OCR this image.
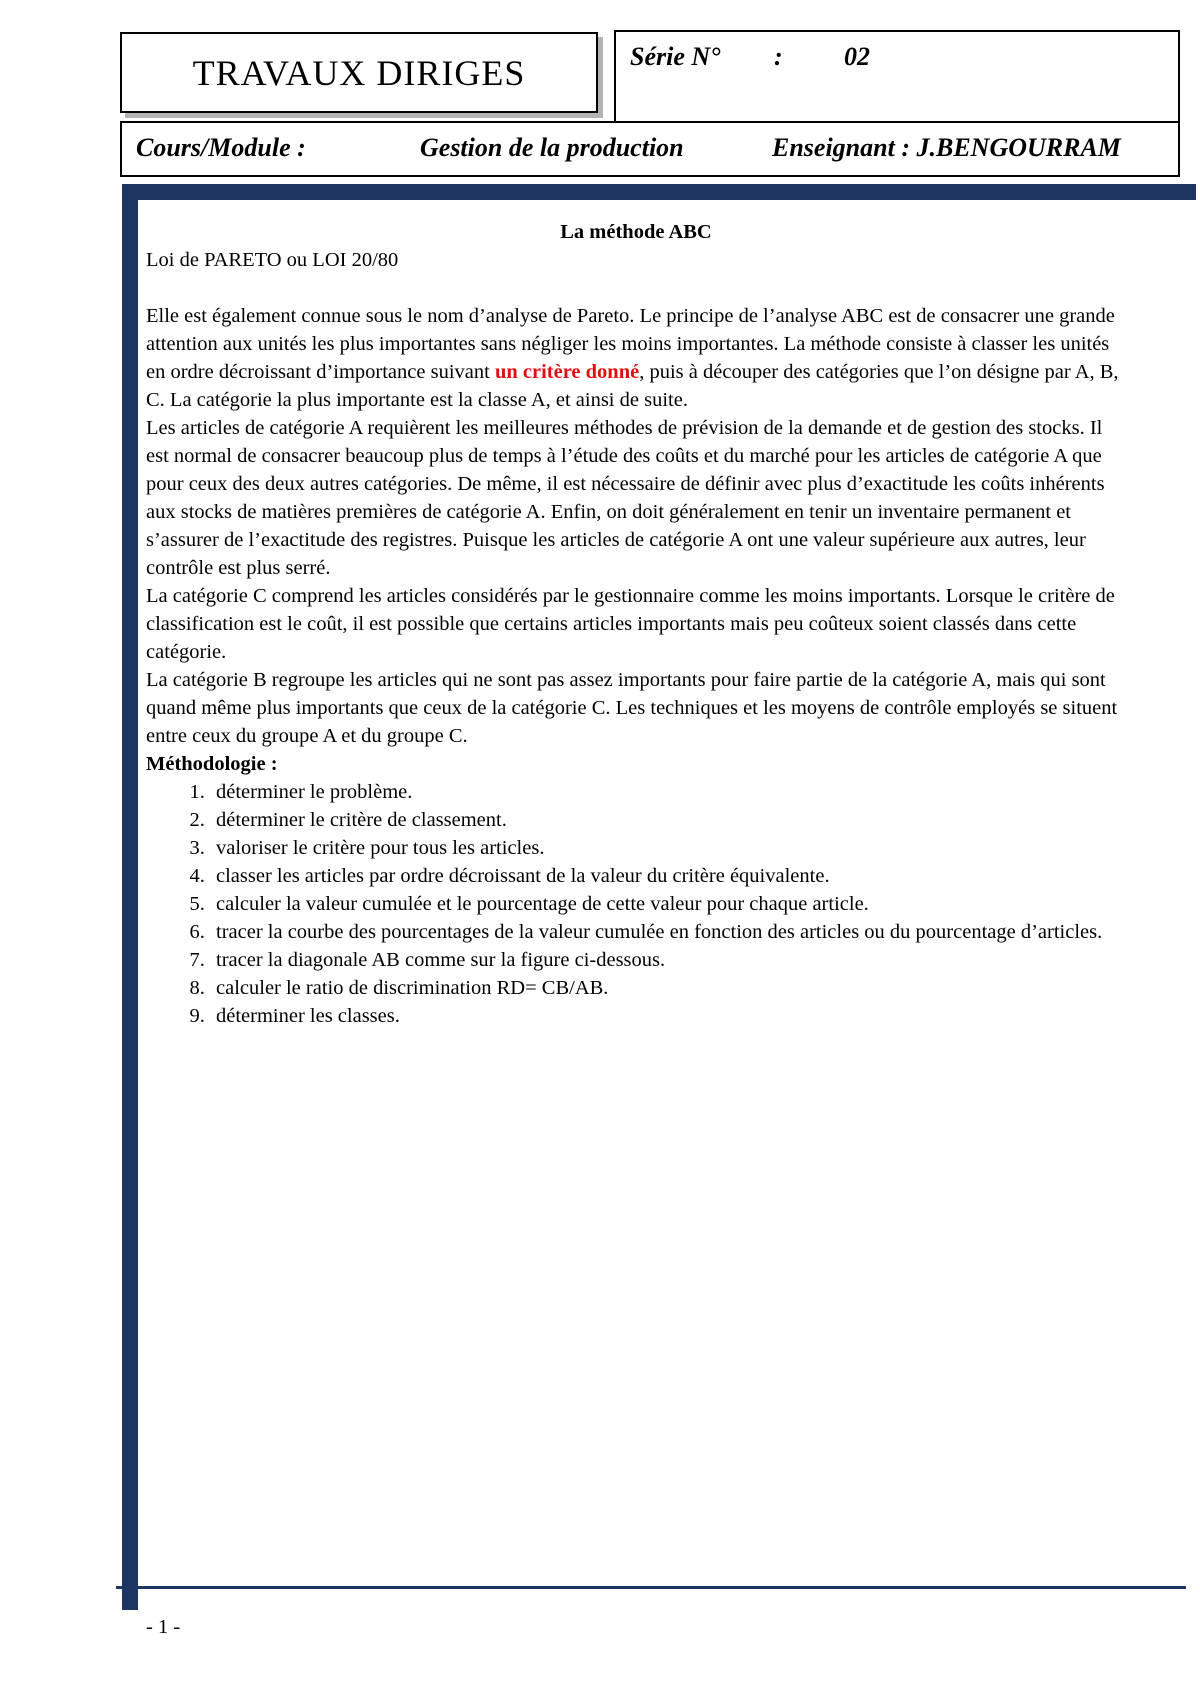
TRAVAUX DIRIGES	Série N° : 02
Cours/Module :	Gestion de la production	Enseignant : J.BENGOURRAM

La méthode ABC

Loi de PARETO ou LOI 20/80

Elle est également connue sous le nom d’analyse de Pareto. Le principe de l’analyse ABC est de consacrer une grande attention aux unités les plus importantes sans négliger les moins importantes. La méthode consiste à classer les unités en ordre décroissant d’importance suivant un critère donné, puis à découper des catégories que l’on désigne par A, B, C. La catégorie la plus importante est la classe A, et ainsi de suite.

Les articles de catégorie A requièrent les meilleures méthodes de prévision de la demande et de gestion des stocks. Il est normal de consacrer beaucoup plus de temps à l’étude des coûts et du marché pour les articles de catégorie A que pour ceux des deux autres catégories. De même, il est nécessaire de définir avec plus d’exactitude les coûts inhérents aux stocks de matières premières de catégorie A. Enfin, on doit généralement en tenir un inventaire permanent et s’assurer de l’exactitude des registres. Puisque les articles de catégorie A ont une valeur supérieure aux autres, leur contrôle est plus serré.

La catégorie C comprend les articles considérés par le gestionnaire comme les moins importants. Lorsque le critère de classification est le coût, il est possible que certains articles importants mais peu coûteux soient classés dans cette catégorie.

La catégorie B regroupe les articles qui ne sont pas assez importants pour faire partie de la catégorie A, mais qui sont quand même plus importants que ceux de la catégorie C. Les techniques et les moyens de contrôle employés se situent entre ceux du groupe A et du groupe C.

Méthodologie :

1. déterminer le problème.
2. déterminer le critère de classement.
3. valoriser le critère pour tous les articles.
4. classer les articles par ordre décroissant de la valeur du critère équivalente.
5. calculer la valeur cumulée et le pourcentage de cette valeur pour chaque article.
6. tracer la courbe des pourcentages de la valeur cumulée en fonction des articles ou du pourcentage d’articles.
7. tracer la diagonale AB comme sur la figure ci-dessous.
8. calculer le ratio de discrimination RD= CB/AB.
9. déterminer les classes.
- 1 -
